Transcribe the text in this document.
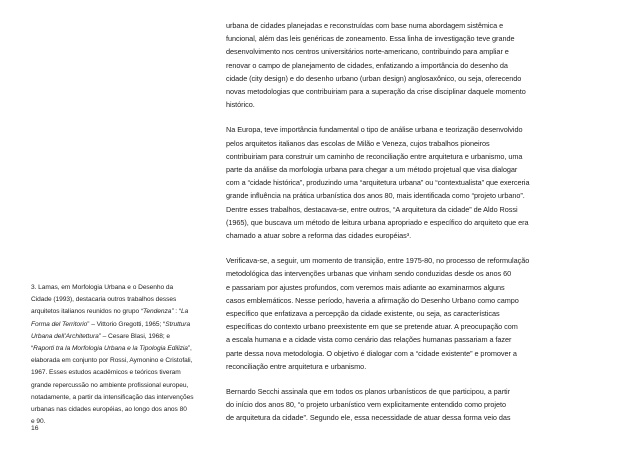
urbana de cidades planejadas e reconstruídas com base numa abordagem sistêmica e
funcional, além das leis genéricas de zoneamento. Essa linha de investigação teve grande
desenvolvimento nos centros universitários norte-americano, contribuindo para ampliar e
renovar o campo de planejamento de cidades, enfatizando a importância do desenho da
cidade (city design) e do desenho urbano (urban design) anglosaxônico, ou seja, oferecendo
novas metodologias que contribuiriam para a superação da crise disciplinar daquele momento
histórico.

Na Europa, teve importância fundamental o tipo de análise urbana e teorização desenvolvido
pelos arquitetos italianos das escolas de Milão e Veneza, cujos trabalhos pioneiros
contribuiriam para construir um caminho de reconciliação entre arquitetura e urbanismo, uma
parte da análise da morfologia urbana para chegar a um método projetual que visa dialogar
com a “cidade histórica”, produzindo uma “arquitetura urbana” ou “contextualista” que exerceria
grande influência na prática urbanística dos anos 80, mais identificada como “projeto urbano”.
Dentre esses trabalhos, destacava-se, entre outros, “A arquitetura da cidade” de Aldo Rossi
(1965), que buscava um método de leitura urbana apropriado e específico do arquiteto que era
chamado a atuar sobre a reforma das cidades européias³.

Verificava-se, a seguir, um momento de transição, entre 1975-80, no processo de reformulação
metodológica das intervenções urbanas que vinham sendo conduzidas desde os anos 60
e passariam por ajustes profundos, com veremos mais adiante ao examinarmos alguns
casos emblemáticos. Nesse período, haveria a afirmação do Desenho Urbano como campo
específico que enfatizava a percepção da cidade existente, ou seja, as características
específicas do contexto urbano preexistente em que se pretende atuar. A preocupação com
a escala humana e a cidade vista como cenário das relações humanas passariam a fazer
parte dessa nova metodologia. O objetivo é dialogar com a “cidade existente” e promover a
reconciliação entre arquitetura e urbanismo.

Bernardo Secchi assinala que em todos os planos urbanísticos de que participou, a partir
do início dos anos 80, “o projeto urbanístico vem explicitamente entendido como projeto
de arquitetura da cidade”. Segundo ele, essa necessidade de atuar dessa forma veio das

3. Lamas, em Morfologia Urbana e o Desenho da
Cidade (1993), destacaria outros trabalhos desses
arquitetos italianos reunidos no grupo “Tendenza” : “La
Forma del Territorio” – Vittorio Gregotti, 1965; “Struttura
Urbana dell’Architettura” – Cesare Blasi, 1968; e
“Raporti tra la Morfologia Urbana e la Tipologia Edilizia”,
elaborada em conjunto por Rossi, Aymonino e Cristofali,
1967. Esses estudos acadêmicos e teóricos tiveram
grande repercussão no ambiente profissional europeu,
notadamente, a partir da intensificação das intervenções
urbanas nas cidades européias, ao longo dos anos 80
e 90.
16
